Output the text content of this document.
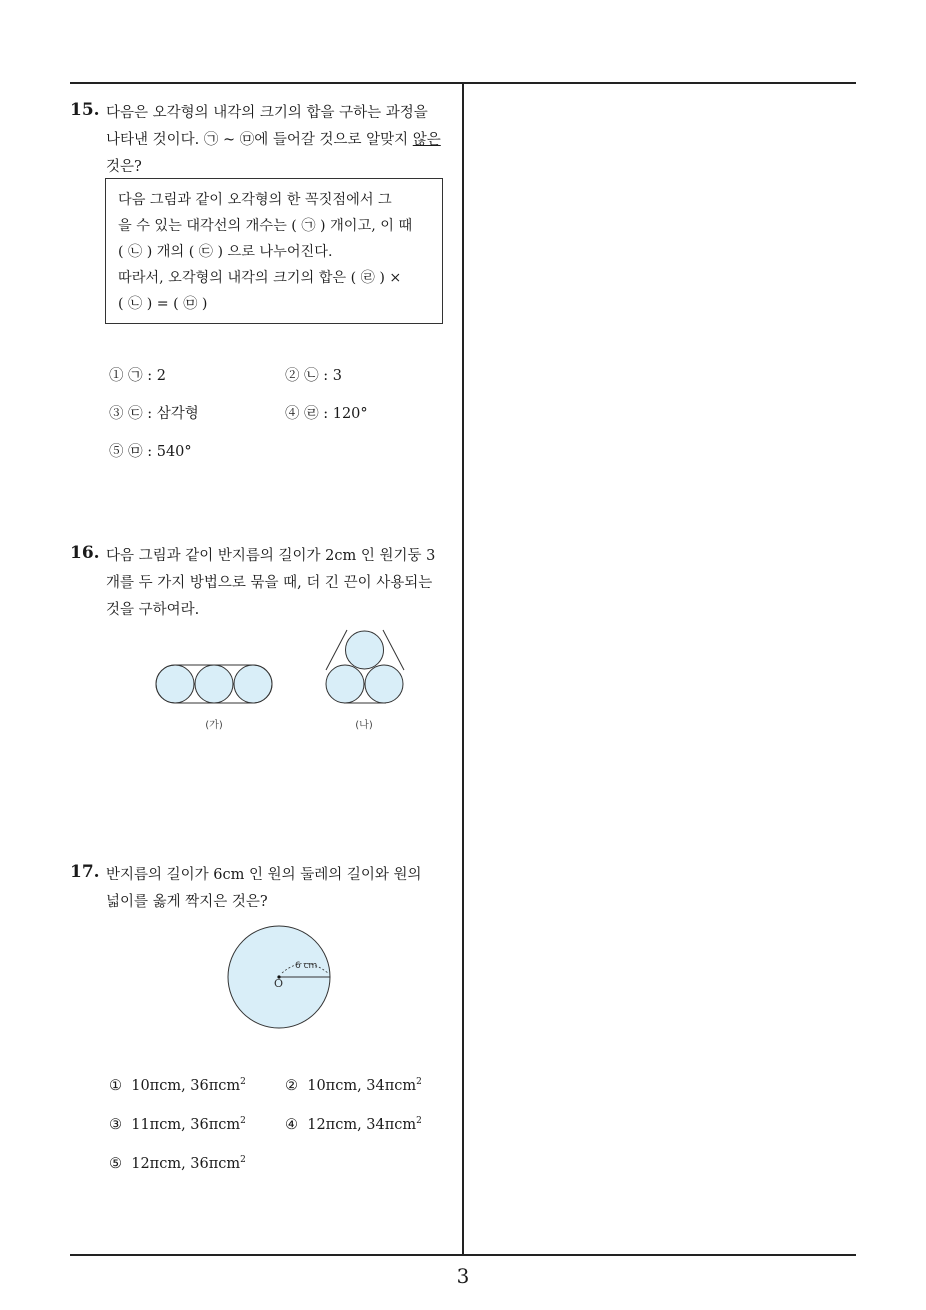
15. 다음은 오각형의 내각의 크기의 합을 구하는 과정을
나타낸 것이다. ㉠ ~ ㉤에 들어갈 것으로 알맞지 않은
것은?
다음 그림과 같이 오각형의 한 꼭짓점에서 그
을 수 있는 대각선의 개수는 ( ㉠ ) 개이고, 이 때
( ㉡ ) 개의 ( ㉢ ) 으로 나누어진다.
따라서, 오각형의 내각의 크기의 합은 ( ㉣ ) ×
( ㉡ ) = ( ㉤ )
① ㉠ : 2	② ㉡ : 3
③ ㉢ : 삼각형	④ ㉣ : 120°
⑤ ㉤ : 540°
16. 다음 그림과 같이 반지름의 길이가 2cm 인 원기둥 3
개를 두 가지 방법으로 묶을 때, 더 긴 끈이 사용되는
것을 구하여라.
(가)	(나)
17. 반지름의 길이가 6cm 인 원의 둘레의 길이와 원의
넓이를 옳게 짝지은 것은?
6 cm
O
① 10πcm, 36πcm$^2$	② 10πcm, 34πcm$^2$
③ 11πcm, 36πcm$^2$	④ 12πcm, 34πcm$^2$
⑤ 12πcm, 36πcm$^2$
3
